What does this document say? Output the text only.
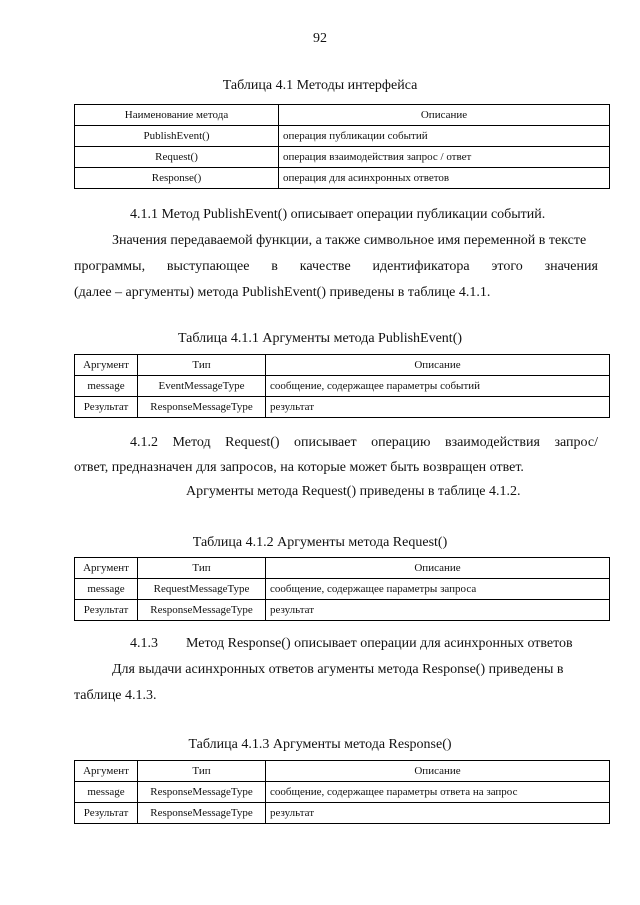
92
Таблица 4.1 Методы интерфейса
Наименование метода	Описание
PublishEvent()	операция публикации событий
Request()	операция взаимодействия запрос / ответ
Response()	операция для асинхронных ответов
4.1.1 Метод PublishEvent() описывает операции публикации событий.
Значения передаваемой функции, а также символьное имя переменной в тексте
программы, выступающее в качестве идентификатора этого значения
(далее – аргументы) метода PublishEvent() приведены в таблице 4.1.1.
Таблица 4.1.1 Аргументы метода PublishEvent()
Аргумент	Тип	Описание
message	EventMessageType	сообщение, содержащее параметры событий
Результат	ResponseMessageType	результат
4.1.2 Метод Request() описывает операцию взаимодействия запрос/
ответ, предназначен для запросов, на которые может быть возвращен ответ.
Аргументы метода Request() приведены в таблице 4.1.2.
Таблица 4.1.2 Аргументы метода Request()
Аргумент	Тип	Описание
message	RequestMessageType	сообщение, содержащее параметры запроса
Результат	ResponseMessageType	результат
4.1.3 Метод Response() описывает операции для асинхронных ответов
Для выдачи асинхронных ответов агументы метода Response() приведены в
таблице 4.1.3.
Таблица 4.1.3 Аргументы метода Response()
Аргумент	Тип	Описание
message	ResponseMessageType	сообщение, содержащее параметры ответа на запрос
Результат	ResponseMessageType	результат
